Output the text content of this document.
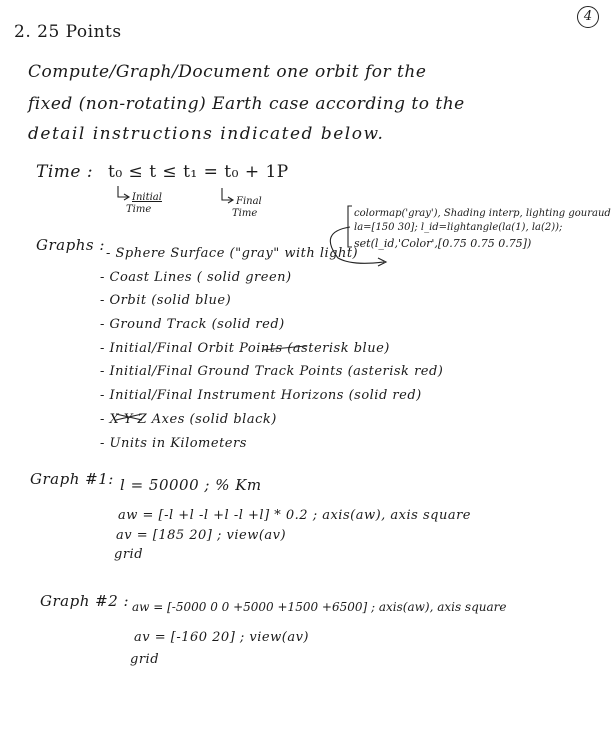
4
2. 25 Points
Compute/Graph/Document one orbit for the
fixed (non-rotating) Earth case according to the
detail instructions indicated below.
Time : t₀ ≤ t ≤ t₁ = t₀ + 1P
Initial
Time
Final
Time	colormap('gray'), Shading interp, lighting gouraud
la=[150 30]; l_id=lightangle(la(1), la(2));
set(l_id,'Color',[0.75 0.75 0.75])
Graphs : - Sphere Surface ("gray" with light)
- Coast Lines ( solid green)
- Orbit (solid blue)
- Ground Track (solid red)
- Initial/Final Orbit Points (asterisk blue)
- Initial/Final Ground Track Points (asterisk red)
- Initial/Final Instrument Horizons (solid red)
- X Y Z Axes (solid black)
- Units in Kilometers
Graph #1: l = 50000 ; % Km
aw = [-l +l -l +l -l +l] * 0.2 ; axis(aw), axis square
av = [185 20] ; view(av)
grid
Graph #2 : aw = [-5000 0 0 +5000 +1500 +6500] ; axis(aw), axis square
av = [-160 20] ; view(av)
grid
